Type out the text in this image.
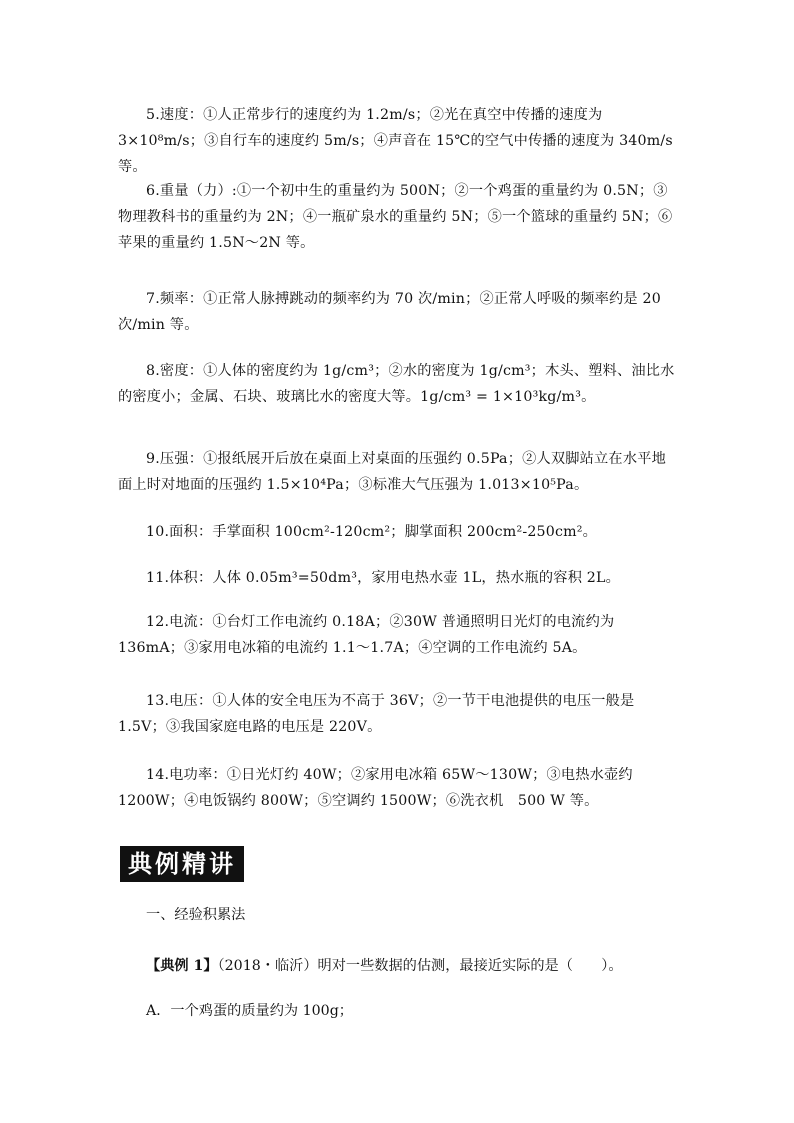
5.速度：①人正常步行的速度约为 1.2m/s；②光在真空中传播的速度为 3×10⁸m/s；③自行车的速度约 5m/s；④声音在 15℃的空气中传播的速度为 340m/s 等。

6.重量（力）:①一个初中生的重量约为 500N；②一个鸡蛋的重量约为 0.5N；③物理教科书的重量约为 2N；④一瓶矿泉水的重量约 5N；⑤一个篮球的重量约 5N；⑥苹果的重量约 1.5N～2N 等。

7.频率：①正常人脉搏跳动的频率约为 70 次/min；②正常人呼吸的频率约是 20 次/min 等。

8.密度：①人体的密度约为 1g/cm³；②水的密度为 1g/cm³；木头、塑料、油比水的密度小；金属、石块、玻璃比水的密度大等。1g/cm³ = 1×10³kg/m³。

9.压强：①报纸展开后放在桌面上对桌面的压强约 0.5Pa；②人双脚站立在水平地面上时对地面的压强约 1.5×10⁴Pa；③标准大气压强为 1.013×10⁵Pa。

10.面积：手掌面积 100cm²-120cm²；脚掌面积 200cm²-250cm²。

11.体积：人体 0.05m³=50dm³，家用电热水壶 1L，热水瓶的容积 2L。

12.电流：①台灯工作电流约 0.18A；②30W 普通照明日光灯的电流约为 136mA；③家用电冰箱的电流约 1.1～1.7A；④空调的工作电流约 5A。

13.电压：①人体的安全电压为不高于 36V；②一节干电池提供的电压一般是 1.5V；③我国家庭电路的电压是 220V。

14.电功率：①日光灯约 40W；②家用电冰箱 65W～130W；③电热水壶约 1200W；④电饭锅约 800W；⑤空调约 1500W；⑥洗衣机　500 W 等。

典例精讲

一、经验积累法

【典例 1】（2018・临沂）明对一些数据的估测，最接近实际的是（　　）。

A．一个鸡蛋的质量约为 100g；
